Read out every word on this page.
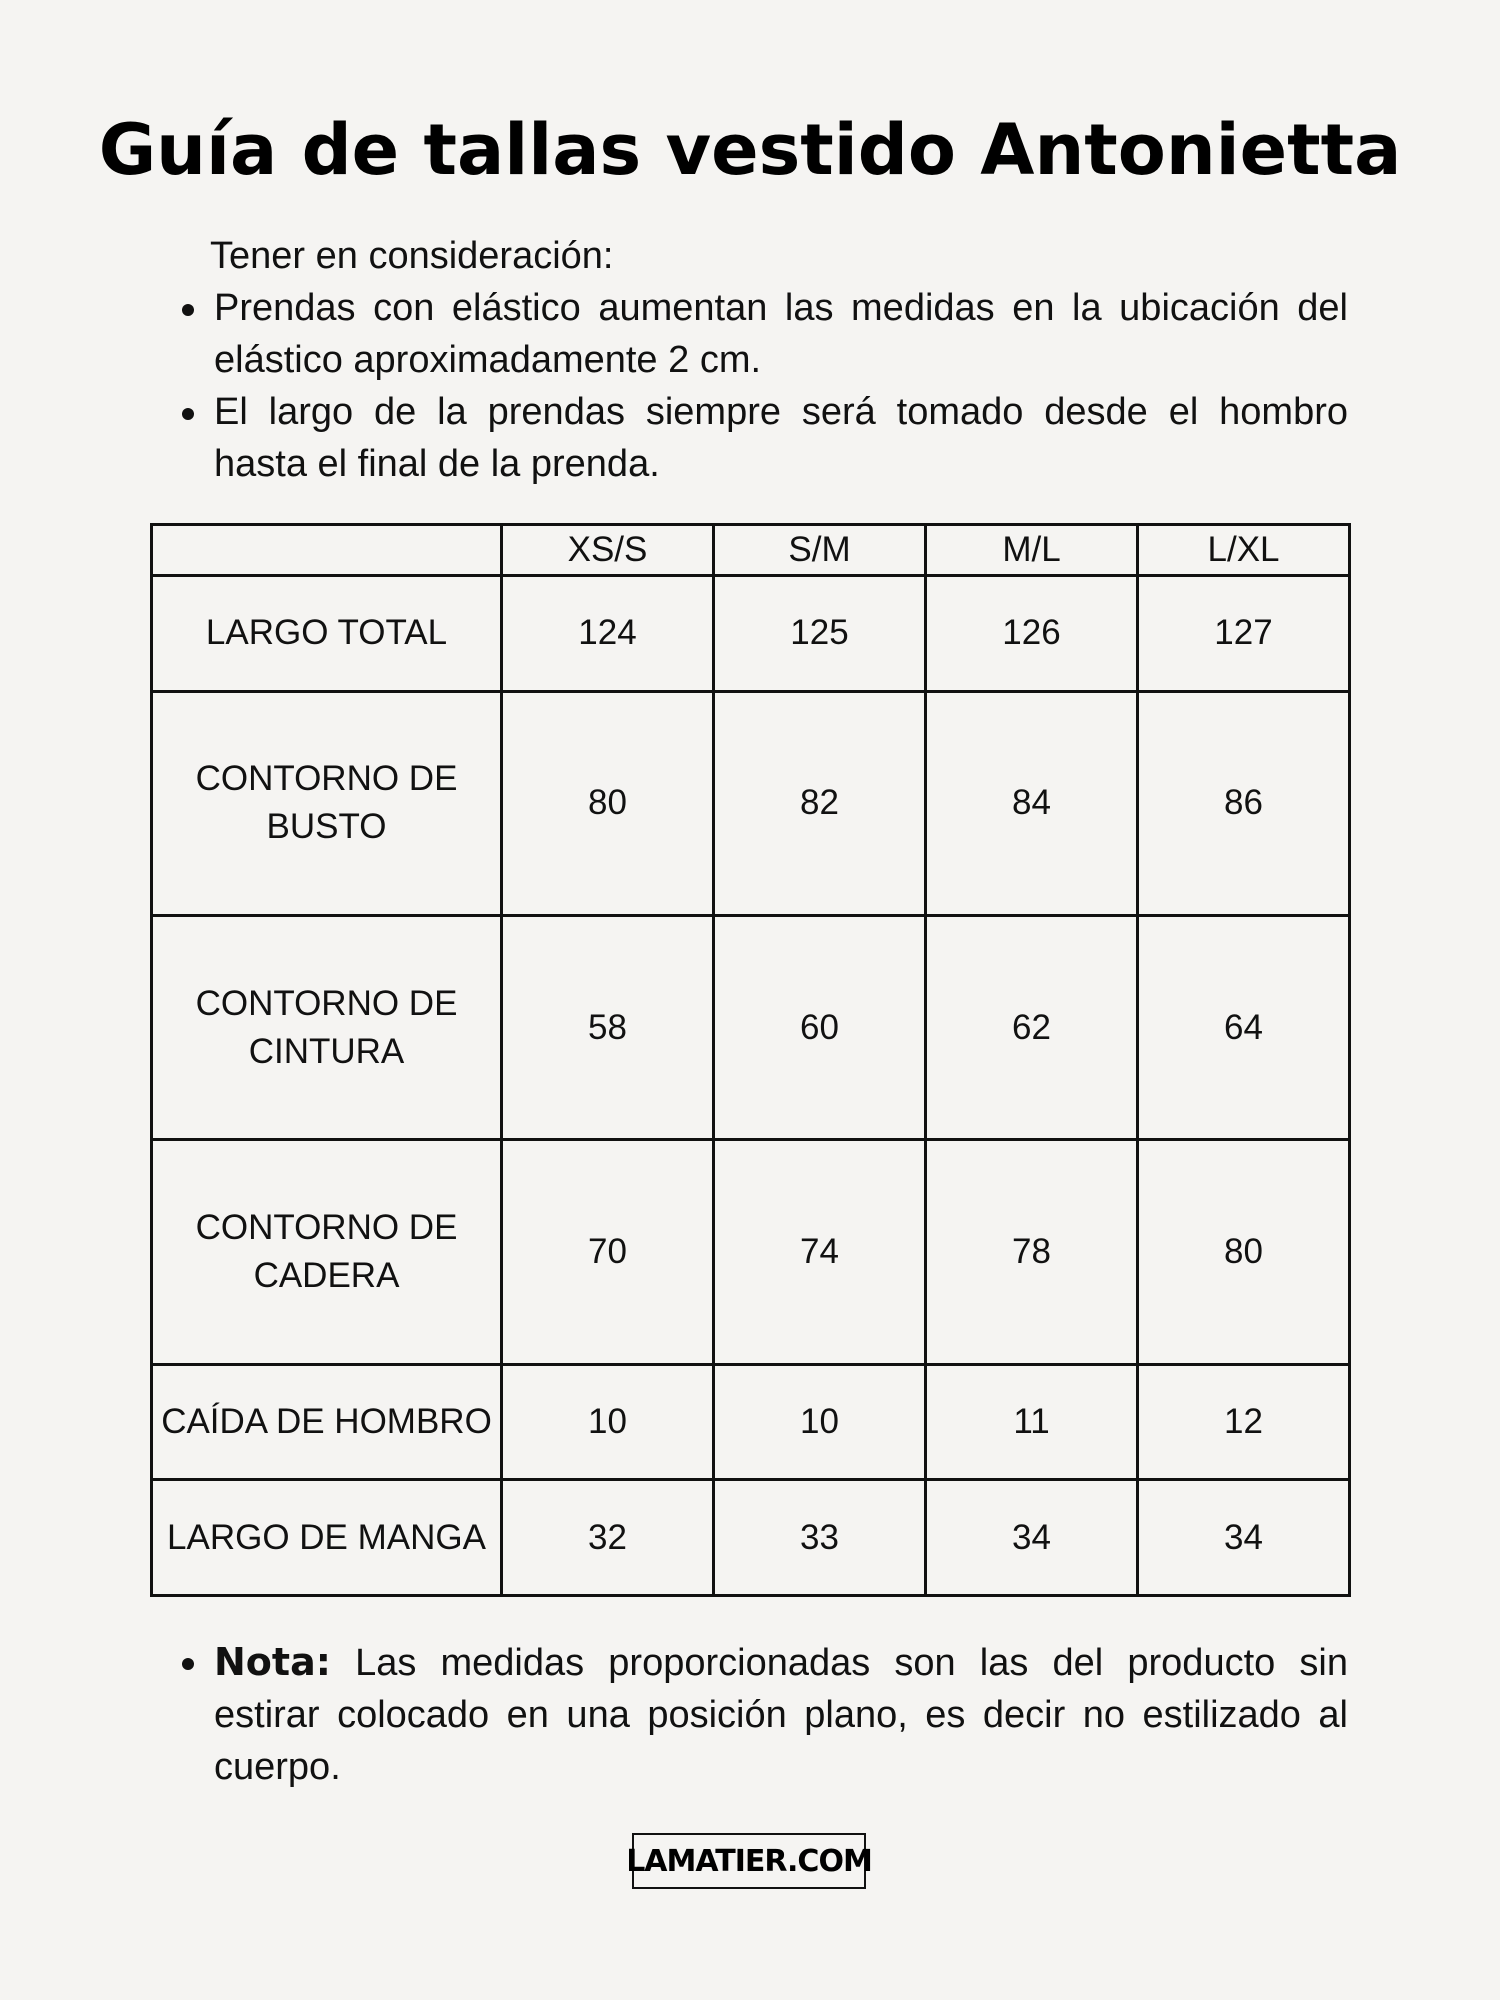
Guía de tallas vestido Antonietta

Tener en consideración:

Prendas con elástico aumentan las medidas en la ubicación del elástico aproximadamente 2 cm.
El largo de la prendas siempre será tomado desde el hombro hasta el final de la prenda.
	XS/S	S/M	M/L	L/XL
LARGO TOTAL	124	125	126	127
CONTORNO DE BUSTO	80	82	84	86
CONTORNO DE CINTURA	58	60	62	64
CONTORNO DE CADERA	70	74	78	80
CAÍDA DE HOMBRO	10	10	11	12
LARGO DE MANGA	32	33	34	34
Nota: Las medidas proporcionadas son las del producto sin estirar colocado en una posición plano, es decir no estilizado al cuerpo.
LAMATIER.COM
